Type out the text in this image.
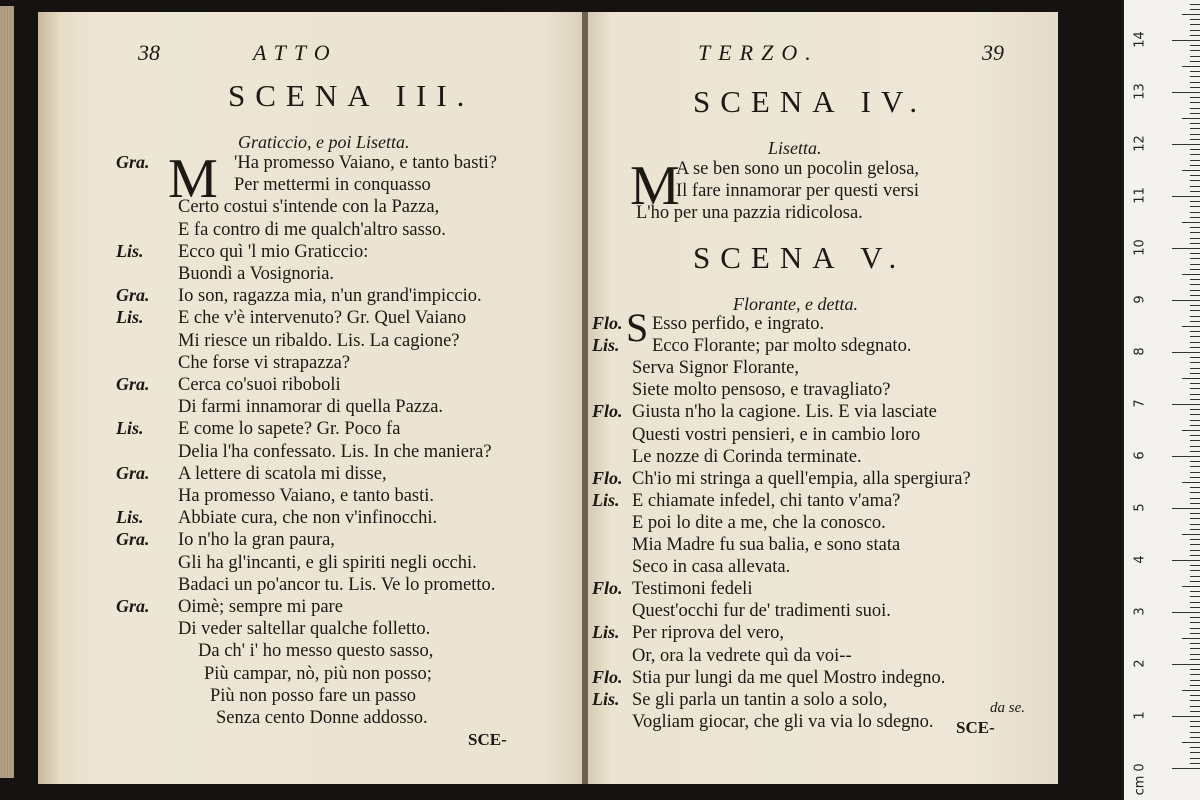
38	ATTO
SCENA III.
Graticcio, e poi Lisetta.
M
Gra.	'Ha promesso Vaiano, e tanto basti?
Per mettermi in conquasso
Certo costui s'intende con la Pazza,
E fa contro di me qualch'altro sasso.
Lis. Ecco quì 'l mio Graticcio:
Buondì a Vosignoria.
Gra. Io son, ragazza mia, n'un grand'impiccio.
Lis. E che v'è intervenuto? Gr. Quel Vaiano
Mi riesce un ribaldo. Lis. La cagione?
Che forse vi strapazza?
Gra. Cerca co'suoi riboboli
Di farmi innamorar di quella Pazza.
Lis. E come lo sapete? Gr. Poco fa
Delia l'ha confessato. Lis. In che maniera?
Gra. A lettere di scatola mi disse,
Ha promesso Vaiano, e tanto basti.
Lis. Abbiate cura, che non v'infinocchi.
Gra. Io n'ho la gran paura,
Gli ha gl'incanti, e gli spiriti negli occhi.
Badaci un po'ancor tu. Lis. Ve lo prometto.
Gra. Oimè; sempre mi pare
Di veder saltellar qualche folletto.
Da ch' i' ho messo questo sasso,
Più campar, nò, più non posso;
Più non posso fare un passo
Senza cento Donne addosso.
SCE-
TERZO.	39
SCENA IV.
Lisetta.
M
A se ben sono un pocolin gelosa,
Il fare innamorar per questi versi
L'ho per una pazzia ridicolosa.
SCENA V.
Florante, e detta.
S
Flo. Esso perfido, e ingrato.
Lis. Ecco Florante; par molto sdegnato.
Serva Signor Florante,
Siete molto pensoso, e travagliato?
Flo. Giusta n'ho la cagione. Lis. E via lasciate
Questi vostri pensieri, e in cambio loro
Le nozze di Corinda terminate.
Flo. Ch'io mi stringa a quell'empia, alla spergiura?
Lis. E chiamate infedel, chi tanto v'ama?
E poi lo dite a me, che la conosco.
Mia Madre fu sua balia, e sono stata
Seco in casa allevata.
Flo. Testimoni fedeli
Quest'occhi fur de' tradimenti suoi.
Lis. Per riprova del vero,
Or, ora la vedrete quì da voi--
Flo. Stia pur lungi da me quel Mostro indegno.
Lis. Se gli parla un tantin a solo a solo,
Vogliam giocar, che gli va via lo sdegno.
da se.
SCE-
0
1
2
3
4
5
6
7
8
9
10
11
12
13
14
cm
